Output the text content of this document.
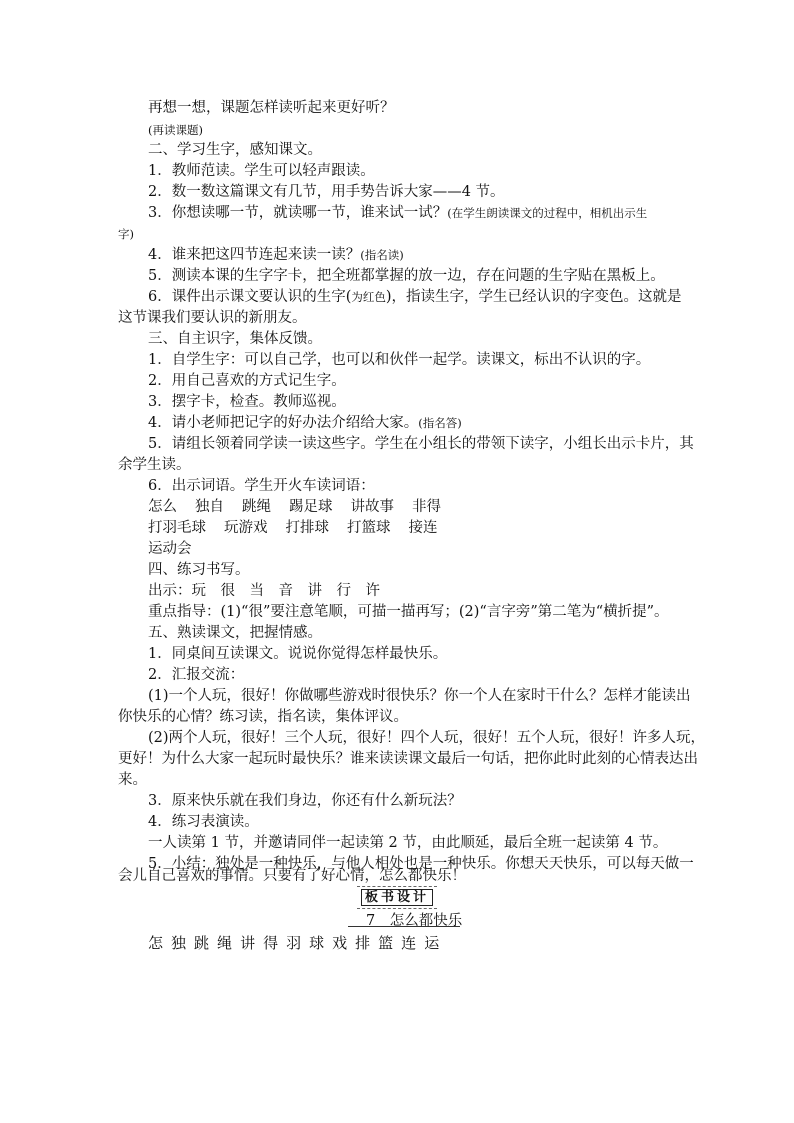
再想一想，课题怎样读听起来更好听？
(再读课题)
二、学习生字，感知课文。
1．教师范读。学生可以轻声跟读。
2．数一数这篇课文有几节，用手势告诉大家——4 节。
3．你想读哪一节，就读哪一节，谁来试一试？(在学生朗读课文的过程中，相机出示生
字)
4．谁来把这四节连起来读一读？(指名读)
5．测读本课的生字字卡，把全班都掌握的放一边，存在问题的生字贴在黑板上。
6．课件出示课文要认识的生字(为红色)，指读生字，学生已经认识的字变色。这就是
这节课我们要认识的新朋友。
三、自主识字，集体反馈。
1．自学生字：可以自己学，也可以和伙伴一起学。读课文，标出不认识的字。
2．用自己喜欢的方式记生字。
3．摆字卡，检查。教师巡视。
4．请小老师把记字的好办法介绍给大家。(指名答)
5．请组长领着同学读一读这些字。学生在小组长的带领下读字，小组长出示卡片，其
余学生读。
6．出示词语。学生开火车读词语：
怎么 独自 跳绳 踢足球 讲故事 非得
打羽毛球 玩游戏 打排球 打篮球 接连
运动会
四、练习书写。
出示：玩　很　当　音　讲　行　许
重点指导：(1)“很”要注意笔顺，可描一描再写；(2)“言字旁”第二笔为“横折提”。
五、熟读课文，把握情感。
1．同桌间互读课文。说说你觉得怎样最快乐。
2．汇报交流：
(1)一个人玩，很好！你做哪些游戏时很快乐？你一个人在家时干什么？怎样才能读出
你快乐的心情？练习读，指名读，集体评议。
(2)两个人玩，很好！三个人玩，很好！四个人玩，很好！五个人玩，很好！许多人玩，
更好！为什么大家一起玩时最快乐？谁来读读课文最后一句话，把你此时此刻的心情表达出
来。
3．原来快乐就在我们身边，你还有什么新玩法？
4．练习表演读。
一人读第 1 节，并邀请同伴一起读第 2 节，由此顺延，最后全班一起读第 4 节。
5．小结：独处是一种快乐，与他人相处也是一种快乐。你想天天快乐，可以每天做一
会儿自己喜欢的事情。只要有了好心情，怎么都快乐！
板书设计
7　怎么都快乐
怎 独 跳 绳 讲 得 羽 球 戏 排 篮 连 运
